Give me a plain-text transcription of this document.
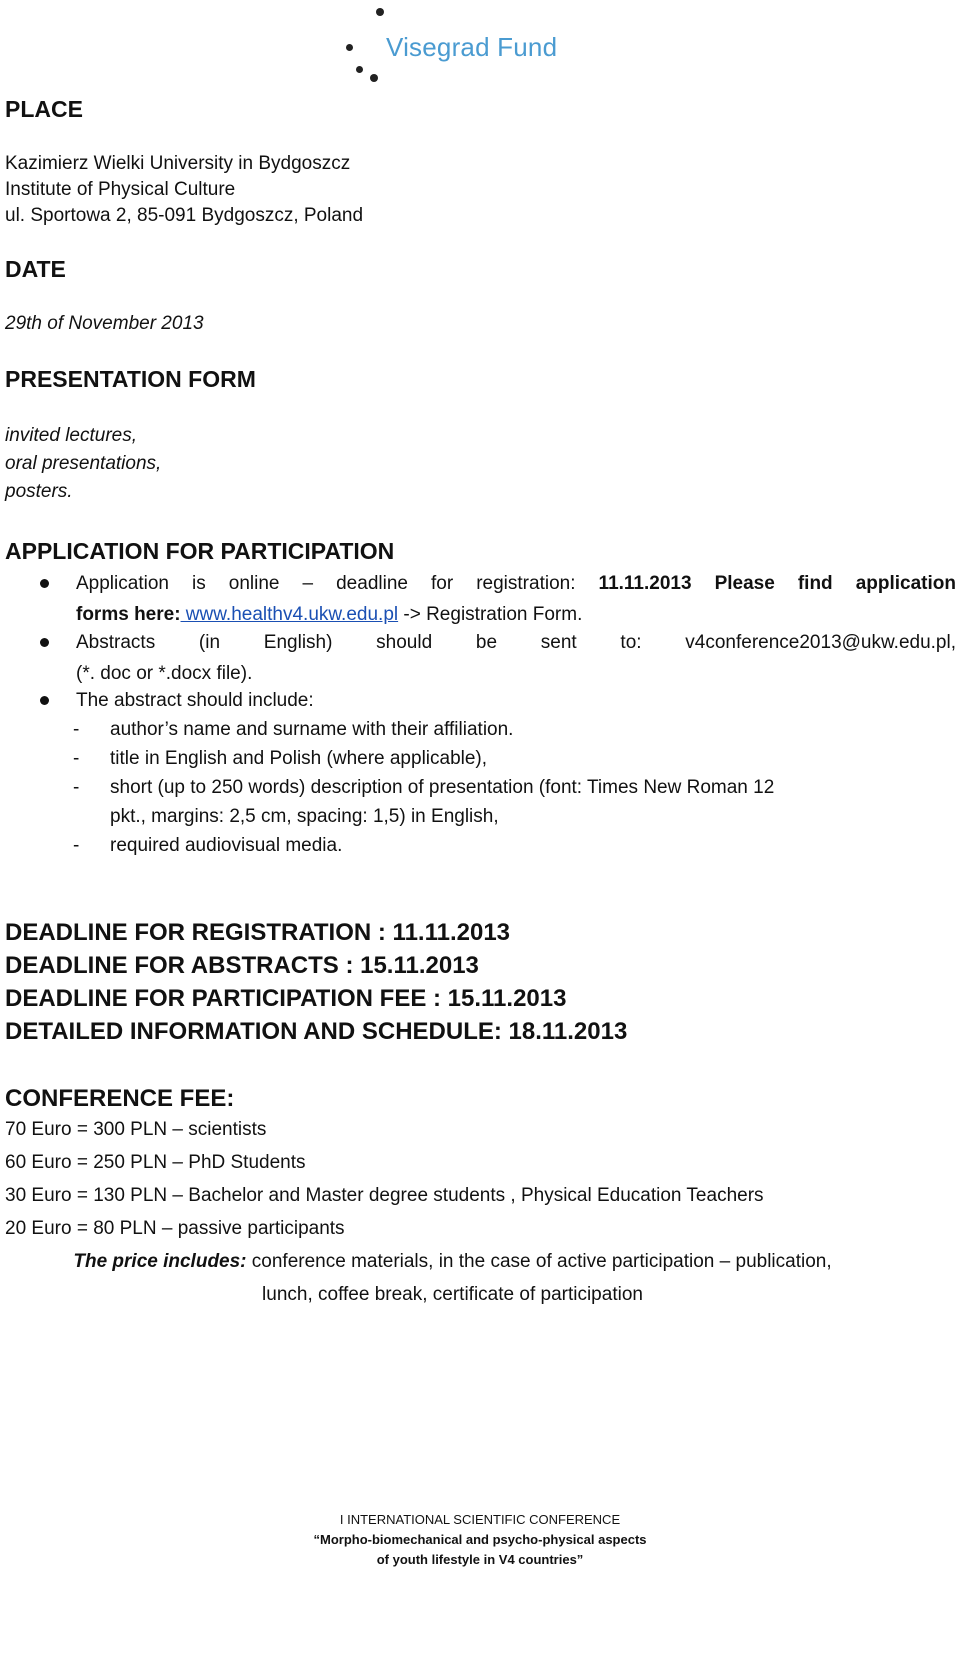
Visegrad Fund
PLACE
Kazimierz Wielki University in Bydgoszcz
Institute of Physical Culture
ul. Sportowa 2, 85-091 Bydgoszcz, Poland
DATE
29th of November 2013
PRESENTATION FORM
invited lectures,
oral presentations,
posters.
APPLICATION FOR PARTICIPATION
Application is online – deadline for registration: 11.11.2013 Please find application
forms here: www.healthv4.ukw.edu.pl -> Registration Form.
Abstracts (in English) should be sent to: v4conference2013@ukw.edu.pl,
(*. doc or *.docx file).
The abstract should include:
- author’s name and surname with their affiliation.
- title in English and Polish (where applicable),
- short (up to 250 words) description of presentation (font: Times New Roman 12
pkt., margins: 2,5 cm, spacing: 1,5) in English,
- required audiovisual media.
DEADLINE FOR REGISTRATION : 11.11.2013
DEADLINE FOR ABSTRACTS : 15.11.2013
DEADLINE FOR PARTICIPATION FEE : 15.11.2013
DETAILED INFORMATION AND SCHEDULE: 18.11.2013
CONFERENCE FEE:
70 Euro = 300 PLN – scientists
60 Euro = 250 PLN – PhD Students
30 Euro = 130 PLN – Bachelor and Master degree students , Physical Education Teachers
20 Euro = 80 PLN – passive participants
The price includes: conference materials, in the case of active participation – publication,
lunch, coffee break, certificate of participation
I INTERNATIONAL SCIENTIFIC CONFERENCE
“Morpho-biomechanical and psycho-physical aspects
of youth lifestyle in V4 countries”
